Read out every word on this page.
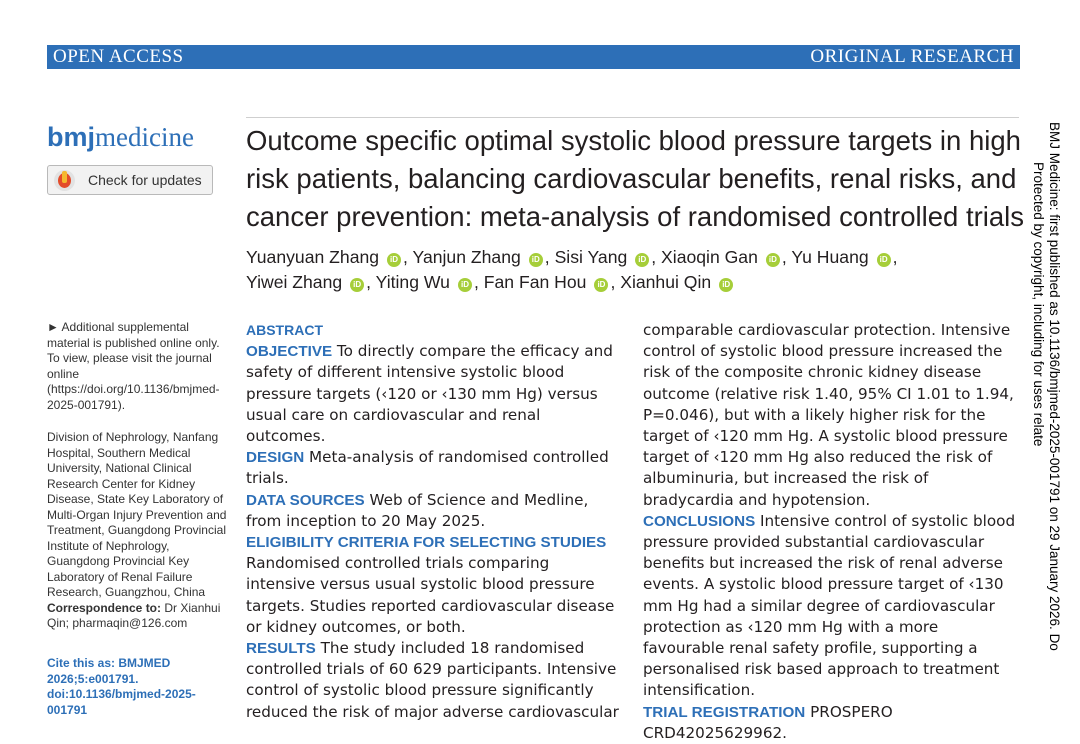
OPEN ACCESS	ORIGINAL RESEARCH
bmjmedicine
Check for updates
Outcome specific optimal systolic blood pressure targets in high risk patients, balancing cardiovascular benefits, renal risks, and cancer prevention: meta-analysis of randomised controlled trials
Yuanyuan Zhang iD , Yanjun Zhang iD , Sisi Yang iD , Xiaoqin Gan iD , Yu Huang iD ,
Yiwei Zhang iD , Yiting Wu iD , Fan Fan Hou iD , Xianhui Qin iD
► Additional supplemental material is published online only. To view, please visit the journal online (https://doi.org/10.1136/bmjmed-2025-001791).
Division of Nephrology, Nanfang Hospital, Southern Medical University, National Clinical Research Center for Kidney Disease, State Key Laboratory of Multi-Organ Injury Prevention and Treatment, Guangdong Provincial Institute of Nephrology, Guangdong Provincial Key Laboratory of Renal Failure Research, Guangzhou, China
Correspondence to: Dr Xianhui Qin; pharmaqin@126.com
Cite this as: BMJMED 2026;5:e001791. doi:10.1136/bmjmed-2025-001791
ABSTRACT
OBJECTIVE To directly compare the efficacy and safety of different intensive systolic blood pressure targets (‹120 or ‹130 mm Hg) versus usual care on cardiovascular and renal outcomes.
DESIGN Meta-analysis of randomised controlled trials.
DATA SOURCES Web of Science and Medline, from inception to 20 May 2025.
ELIGIBILITY CRITERIA FOR SELECTING STUDIES Randomised controlled trials comparing intensive versus usual systolic blood pressure targets. Studies reported cardiovascular disease or kidney outcomes, or both.
RESULTS The study included 18 randomised controlled trials of 60 629 participants. Intensive control of systolic blood pressure significantly reduced the risk of major adverse cardiovascular
comparable cardiovascular protection. Intensive control of systolic blood pressure increased the risk of the composite chronic kidney disease outcome (relative risk 1.40, 95% CI 1.01 to 1.94, P=0.046), but with a likely higher risk for the target of ‹120 mm Hg. A systolic blood pressure target of ‹120 mm Hg also reduced the risk of albuminuria, but increased the risk of bradycardia and hypotension.
CONCLUSIONS Intensive control of systolic blood pressure provided substantial cardiovascular benefits but increased the risk of renal adverse events. A systolic blood pressure target of ‹130 mm Hg had a similar degree of cardiovascular protection as ‹120 mm Hg with a more favourable renal safety profile, supporting a personalised risk based approach to treatment intensification.
TRIAL REGISTRATION PROSPERO CRD42025629962.
BMJ Medicine: first published as 10.1136/bmjmed-2025-001791 on 29 January 2026. Do
Protected by copyright, including for uses relate
